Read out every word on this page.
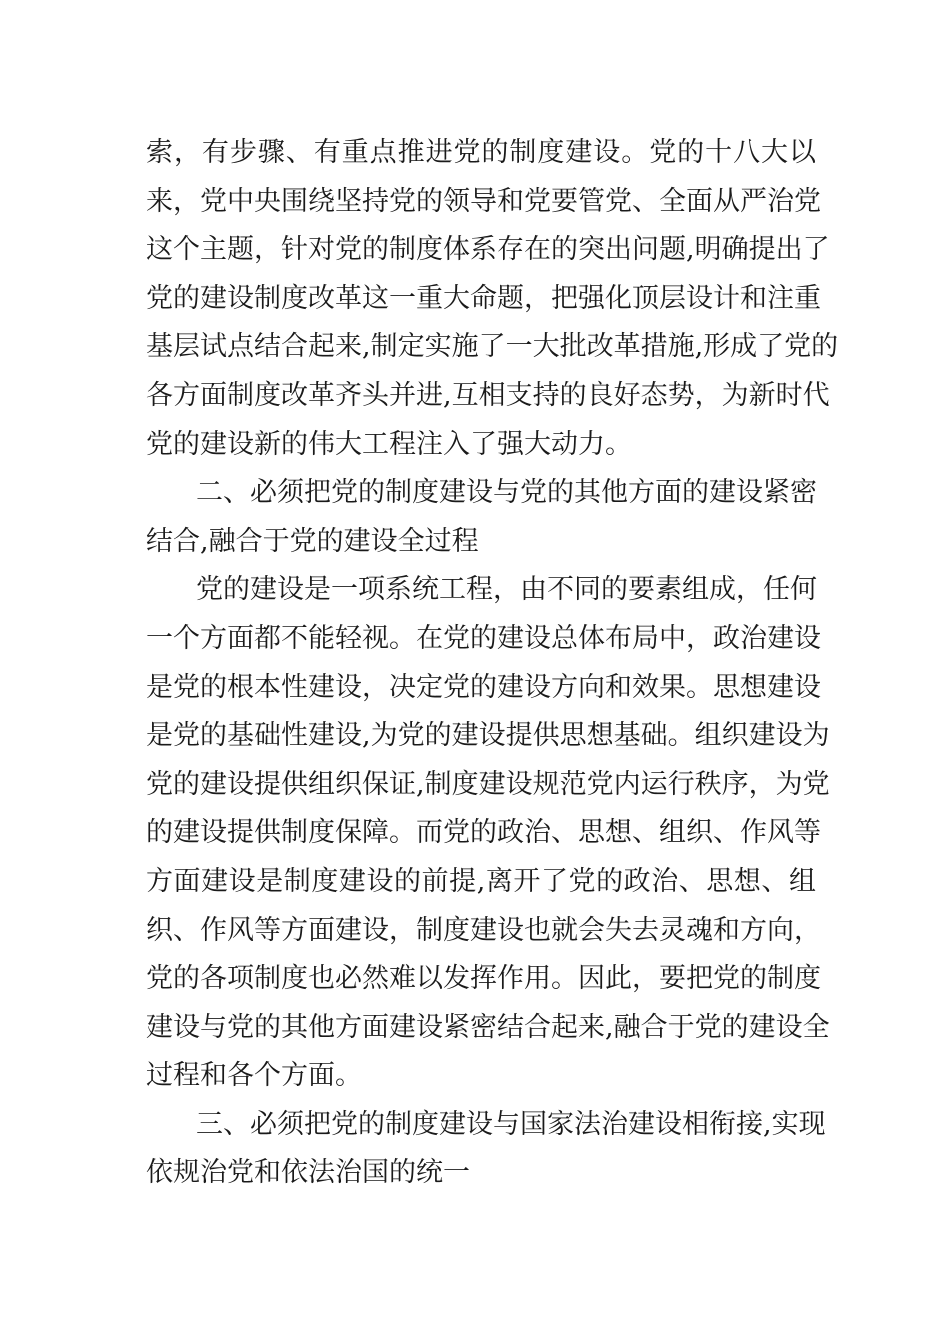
索，有步骤、有重点推进党的制度建设。党的十八大以
来，党中央围绕坚持党的领导和党要管党、全面从严治党
这个主题，针对党的制度体系存在的突出问题,明确提出了
党的建设制度改革这一重大命题，把强化顶层设计和注重
基层试点结合起来,制定实施了一大批改革措施,形成了党的
各方面制度改革齐头并进,互相支持的良好态势，为新时代
党的建设新的伟大工程注入了强大动力。
二、必须把党的制度建设与党的其他方面的建设紧密
结合,融合于党的建设全过程
党的建设是一项系统工程，由不同的要素组成，任何
一个方面都不能轻视。在党的建设总体布局中，政治建设
是党的根本性建设，决定党的建设方向和效果。思想建设
是党的基础性建设,为党的建设提供思想基础。组织建设为
党的建设提供组织保证,制度建设规范党内运行秩序，为党
的建设提供制度保障。而党的政治、思想、组织、作风等
方面建设是制度建设的前提,离开了党的政治、思想、组
织、作风等方面建设，制度建设也就会失去灵魂和方向，
党的各项制度也必然难以发挥作用。因此，要把党的制度
建设与党的其他方面建设紧密结合起来,融合于党的建设全
过程和各个方面。
三、必须把党的制度建设与国家法治建设相衔接,实现
依规治党和依法治国的统一
